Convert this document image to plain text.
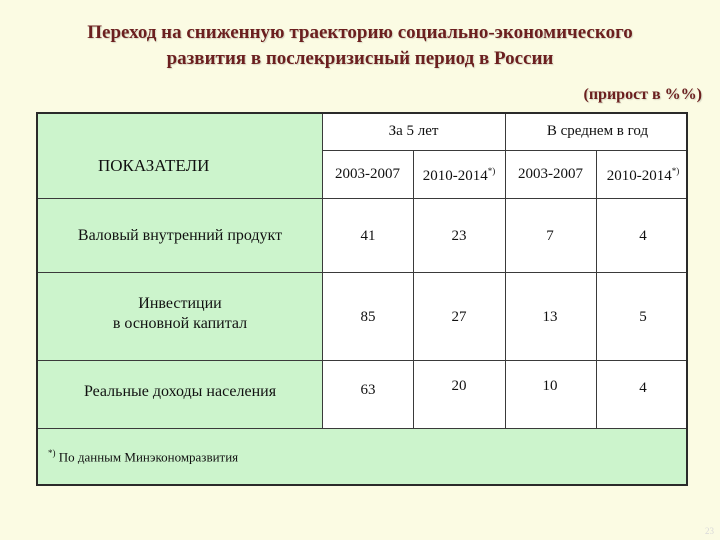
Переход на сниженную траекторию социально-экономического
развития в послекризисный период в России
(прирост в %%)
ПОКАЗАТЕЛИ
За 5 лет	В среднем в год
2003-2007	2010-2014*)	2003-2007	2010-2014*)
Валовый внутренний продукт	41	23	7	4
Инвестиции
в основной капитал	85	27	13	5
Реальные доходы населения	63	20	10	4
*) По данным Минэкономразвития
23
